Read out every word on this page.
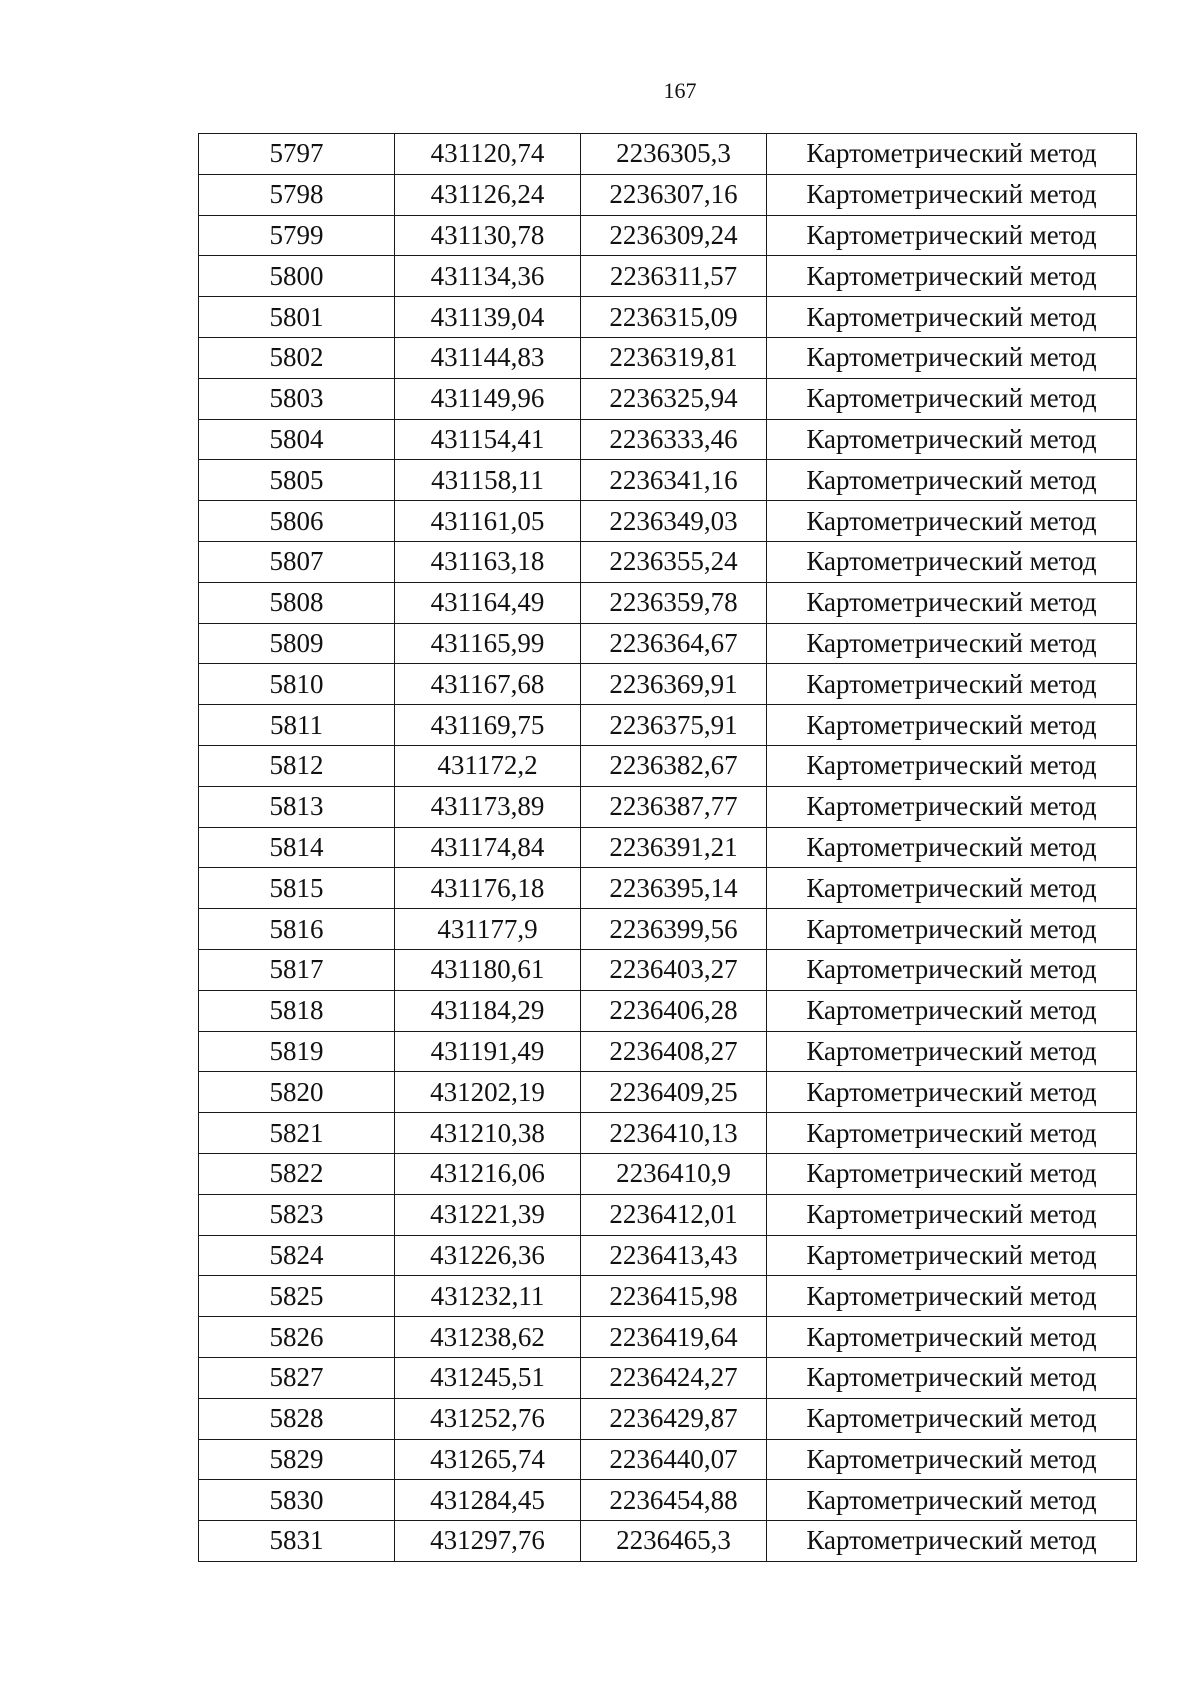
167
5797	431120,74	2236305,3	Картометрический метод
5798	431126,24	2236307,16	Картометрический метод
5799	431130,78	2236309,24	Картометрический метод
5800	431134,36	2236311,57	Картометрический метод
5801	431139,04	2236315,09	Картометрический метод
5802	431144,83	2236319,81	Картометрический метод
5803	431149,96	2236325,94	Картометрический метод
5804	431154,41	2236333,46	Картометрический метод
5805	431158,11	2236341,16	Картометрический метод
5806	431161,05	2236349,03	Картометрический метод
5807	431163,18	2236355,24	Картометрический метод
5808	431164,49	2236359,78	Картометрический метод
5809	431165,99	2236364,67	Картометрический метод
5810	431167,68	2236369,91	Картометрический метод
5811	431169,75	2236375,91	Картометрический метод
5812	431172,2	2236382,67	Картометрический метод
5813	431173,89	2236387,77	Картометрический метод
5814	431174,84	2236391,21	Картометрический метод
5815	431176,18	2236395,14	Картометрический метод
5816	431177,9	2236399,56	Картометрический метод
5817	431180,61	2236403,27	Картометрический метод
5818	431184,29	2236406,28	Картометрический метод
5819	431191,49	2236408,27	Картометрический метод
5820	431202,19	2236409,25	Картометрический метод
5821	431210,38	2236410,13	Картометрический метод
5822	431216,06	2236410,9	Картометрический метод
5823	431221,39	2236412,01	Картометрический метод
5824	431226,36	2236413,43	Картометрический метод
5825	431232,11	2236415,98	Картометрический метод
5826	431238,62	2236419,64	Картометрический метод
5827	431245,51	2236424,27	Картометрический метод
5828	431252,76	2236429,87	Картометрический метод
5829	431265,74	2236440,07	Картометрический метод
5830	431284,45	2236454,88	Картометрический метод
5831	431297,76	2236465,3	Картометрический метод
